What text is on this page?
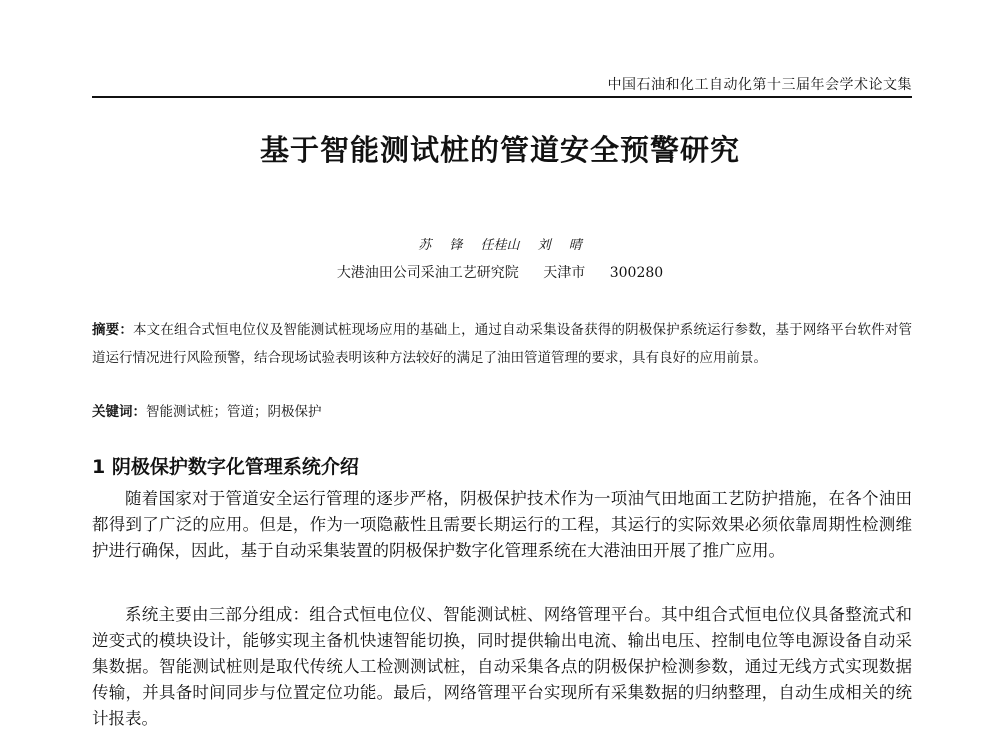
中国石油和化工自动化第十三届年会学术论文集
基于智能测试桩的管道安全预警研究
苏 锋 任桂山 刘 晴
大港油田公司采油工艺研究院 天津市 300280

摘要：本文在组合式恒电位仪及智能测试桩现场应用的基础上，通过自动采集设备获得的阴极保护系统运行参数，基于网络平台软件对管道运行情况进行风险预警，结合现场试验表明该种方法较好的满足了油田管道管理的要求，具有良好的应用前景。

关键词：智能测试桩；管道；阴极保护

1 阴极保护数字化管理系统介绍

随着国家对于管道安全运行管理的逐步严格，阴极保护技术作为一项油气田地面工艺防护措施，在各个油田都得到了广泛的应用。但是，作为一项隐蔽性且需要长期运行的工程，其运行的实际效果必须依靠周期性检测维护进行确保，因此，基于自动采集装置的阴极保护数字化管理系统在大港油田开展了推广应用。

系统主要由三部分组成：组合式恒电位仪、智能测试桩、网络管理平台。其中组合式恒电位仪具备整流式和逆变式的模块设计，能够实现主备机快速智能切换，同时提供输出电流、输出电压、控制电位等电源设备自动采集数据。智能测试桩则是取代传统人工检测测试桩，自动采集各点的阴极保护检测参数，通过无线方式实现数据传输，并具备时间同步与位置定位功能。最后，网络管理平台实现所有采集数据的归纳整理，自动生成相关的统计报表。
